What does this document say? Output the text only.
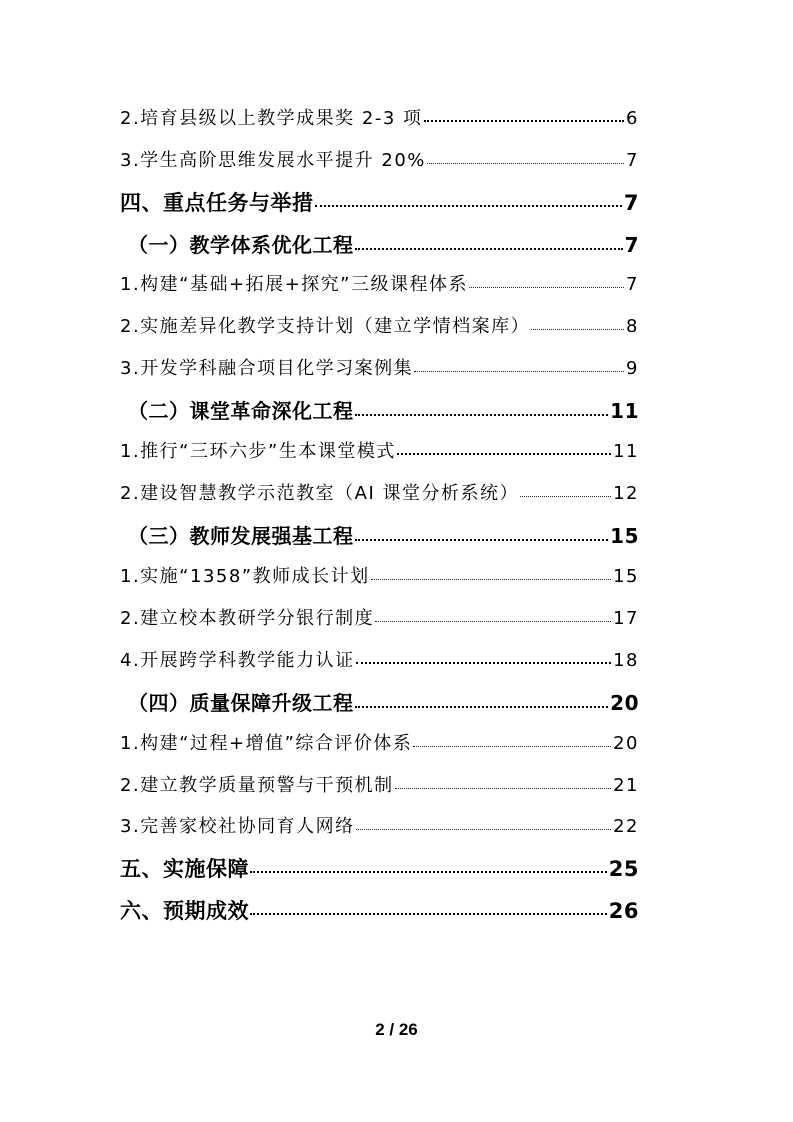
2.培育县级以上教学成果奖 2-3 项	6
3.学生高阶思维发展水平提升 20%	7
四、重点任务与举措	7
（一）教学体系优化工程	7
1.构建“基础+拓展+探究”三级课程体系	7
2.实施差异化教学支持计划（建立学情档案库）	8
3.开发学科融合项目化学习案例集	9
（二）课堂革命深化工程	11
1.推行“三环六步”生本课堂模式	11
2.建设智慧教学示范教室（AI 课堂分析系统）	12
（三）教师发展强基工程	15
1.实施“1358”教师成长计划	15
2.建立校本教研学分银行制度	17
4.开展跨学科教学能力认证	18
（四）质量保障升级工程	20
1.构建“过程+增值”综合评价体系	20
2.建立教学质量预警与干预机制	21
3.完善家校社协同育人网络	22
五、实施保障	25
六、预期成效	26
2 / 26
